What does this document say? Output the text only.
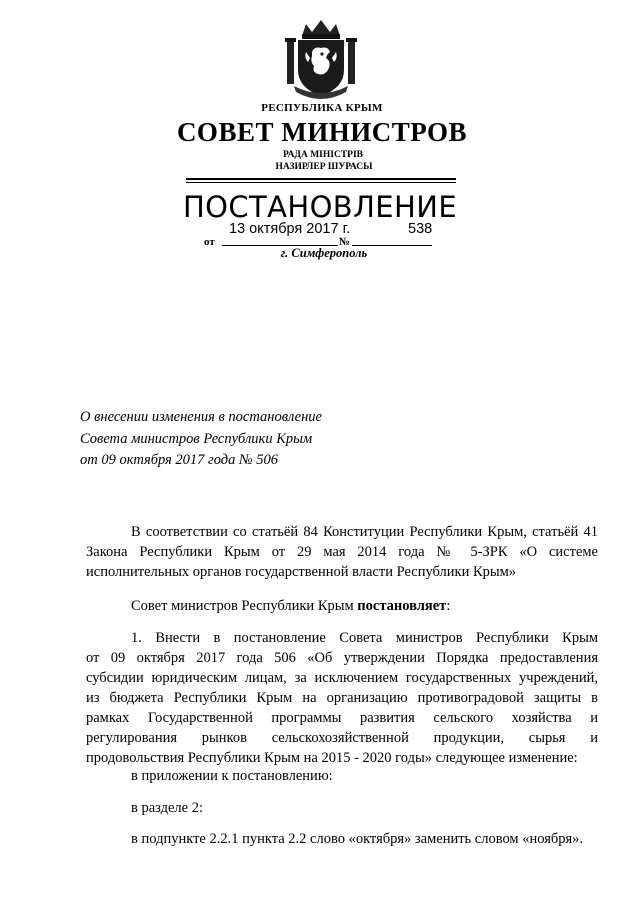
РЕСПУБЛИКА КРЫМ
СОВЕТ МИНИСТРОВ
РАДА МІНІСТРІВ
НАЗИРЛЕР ШУРАСЫ
ПОСТАНОВЛЕНИЕ
13 октября 2017 г.	538
от	№
г. Симферополь
О внесении изменения в постановление
Совета министров Республики Крым
от 09 октября 2017 года № 506
В соответствии со статьёй 84 Конституции Республики Крым, статьёй 41
Закона Республики Крым от 29 мая 2014 года № 5-ЗРК «О системе
исполнительных органов государственной власти Республики Крым»
Совет министров Республики Крым постановляет:
1. Внести в постановление Совета министров Республики Крым
от 09 октября 2017 года 506 «Об утверждении Порядка предоставления
субсидии юридическим лицам, за исключением государственных учреждений,
из бюджета Республики Крым на организацию противоградовой защиты в
рамках Государственной программы развития сельского хозяйства и
регулирования рынков сельскохозяйственной продукции, сырья и
продовольствия Республики Крым на 2015 - 2020 годы» следующее изменение:
в приложении к постановлению:
в разделе 2:
в подпункте 2.2.1 пункта 2.2 слово «октября» заменить словом «ноября».
